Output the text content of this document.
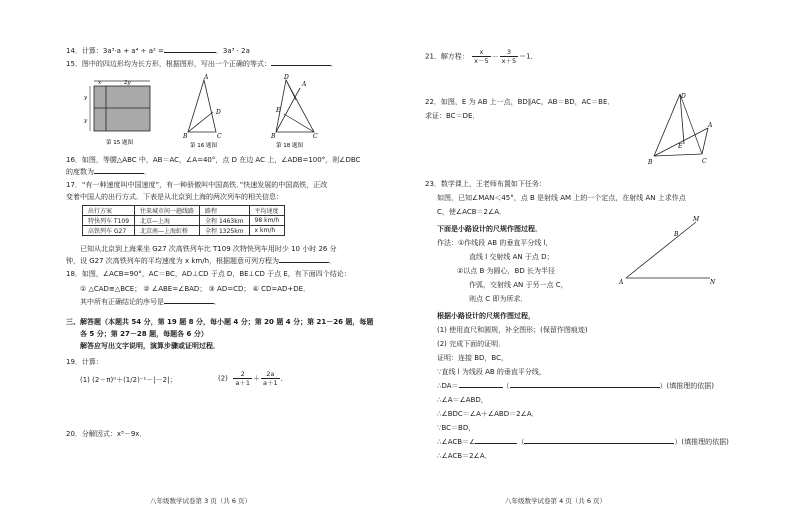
14．计算：3a³·a + a⁴ ÷ a² =	．3a³ · 2a
15．图中的四边形均为长方形，根据图形，写出一个正确的等式：	．
x	2y
y
y
第 15 题图
A
B	C
D
第 16 题图
A
B	C
D
E
第 18 题图
16．如图，等腰△ABC 中，AB＝AC，∠A=40°，点 D 在边 AC 上，∠ADB=100°，则∠DBC
的度数为	．
17．“有一种速度叫中国速度”，有一种骄傲叫中国高铁．”快速发展的中国高铁，正改
变着中国人的出行方式．下表是从北京到上海的两次列车的相关信息：
出行方案	往来城市间一趟线路	路程	平均速度
特快列车 T109	北京—上海	全程 1463km	98 km/h
高铁列车 G27	北京南—上海虹桥	全程 1325km	x km/h
已知从北京到上海乘坐 G27 次高铁列车比 T109 次特快列车用时少 10 小时 26 分
钟，设 G27 次高铁列车的平均速度为 x km/h，根据题意可列方程为	．
18．如图，∠ACB=90°，AC＝BC，AD⊥CD 于点 D，BE⊥CD 于点 E，有下面四个结论：
① △CAD≌△BCE； ② ∠ABE=∠BAD； ③ AD=CD； ④ CD=AD+DE．
其中所有正确结论的序号是	．
三、解答题（本题共 54 分，第 19 题 8 分，每小题 4 分；第 20 题 4 分；第 21－26 题，每题
各 5 分；第 27－28 题，每题各 6 分）
解答应写出文字说明，演算步骤或证明过程．
19．计算：
(1) (2－π)⁰＋(1/2)⁻¹－|－2|；	$(2) \frac{2}{a+1} + \frac{2a}{a+1}$ ．
20．分解因式：x³－9x．
八年级数学试卷第 3 页（共 6 页）
21．解方程： $\frac{x}{x-5} - \frac{3}{x+5} =1$．
22．如图，E 为 AB 上一点，BD∥AC，AB＝BD，AC＝BE．
求证：BC＝DE．
D
A
E
B	C
23．数学课上，王老师布置如下任务：
如图，已知∠MAN＜45°，点 B 是射线 AM 上的一个定点，在射线 AN 上求作点
C，使∠ACB＝2∠A．
下面是小路设计的尺规作图过程．
作法：①作线段 AB 的垂直平分线 l，
直线 l 交射线 AN 于点 D；
②以点 B 为圆心，BD 长为半径
作弧，交射线 AN 于另一点 C，
则点 C 即为所求．
A
B
M
N
根据小路设计的尺规作图过程，
(1) 使用直尺和圆规，补全图形；(保留作图痕迹)
(2) 完成下面的证明．
证明：连接 BD，BC，
∵直线 l 为线段 AB 的垂直平分线，
∴DA＝	（	）(填推理的依据)
∴∠A＝∠ABD，
∴∠BDC＝∠A＋∠ABD＝2∠A．
∵BC＝BD，
∴∠ACB＝∠	（	）(填推理的依据)
∴∠ACB＝2∠A．
八年级数学试卷第 4 页（共 6 页）
